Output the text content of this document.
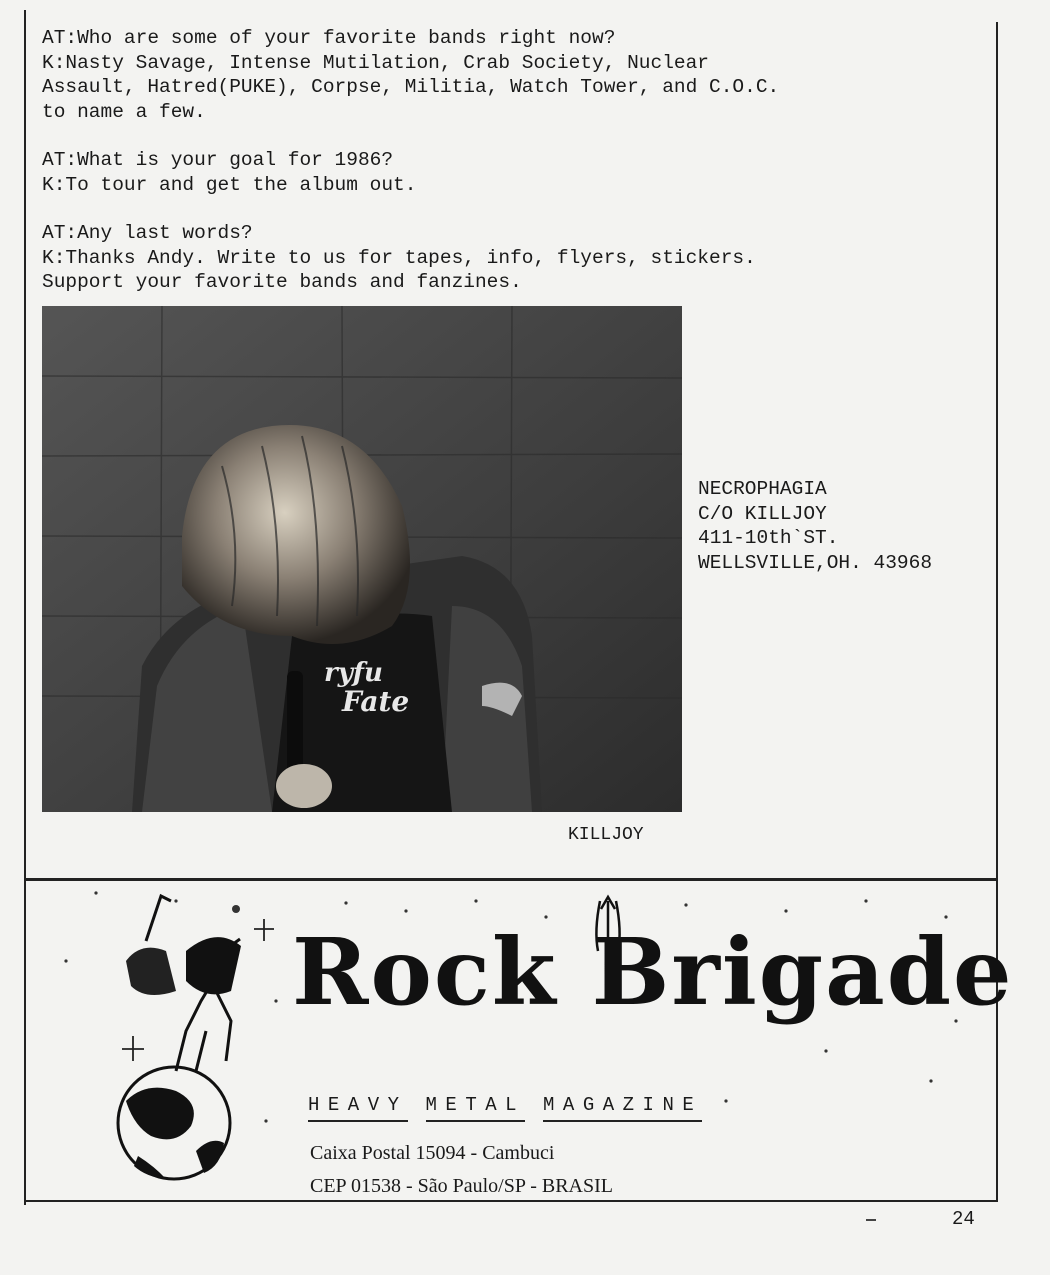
AT:Who are some of your favorite bands right now?

K:Nasty Savage, Intense Mutilation, Crab Society, Nuclear

Assault, Hatred(PUKE), Corpse, Militia, Watch Tower, and C.O.C.

to name a few.

AT:What is your goal for 1986?

K:To tour and get the album out.

AT:Any last words?

K:Thanks Andy. Write to us for tapes, info, flyers, stickers.

Support your favorite bands and fanzines.

ryfu
Fate
NECROPHAGIA
C/O KILLJOY
411-10th`ST.
WELLSVILLE,OH. 43968
KILLJOY
Rock Brigade
HEAVY METAL MAGAZINE
Caixa Postal 15094 - Cambuci
CEP 01538 - São Paulo/SP - BRASIL
24
